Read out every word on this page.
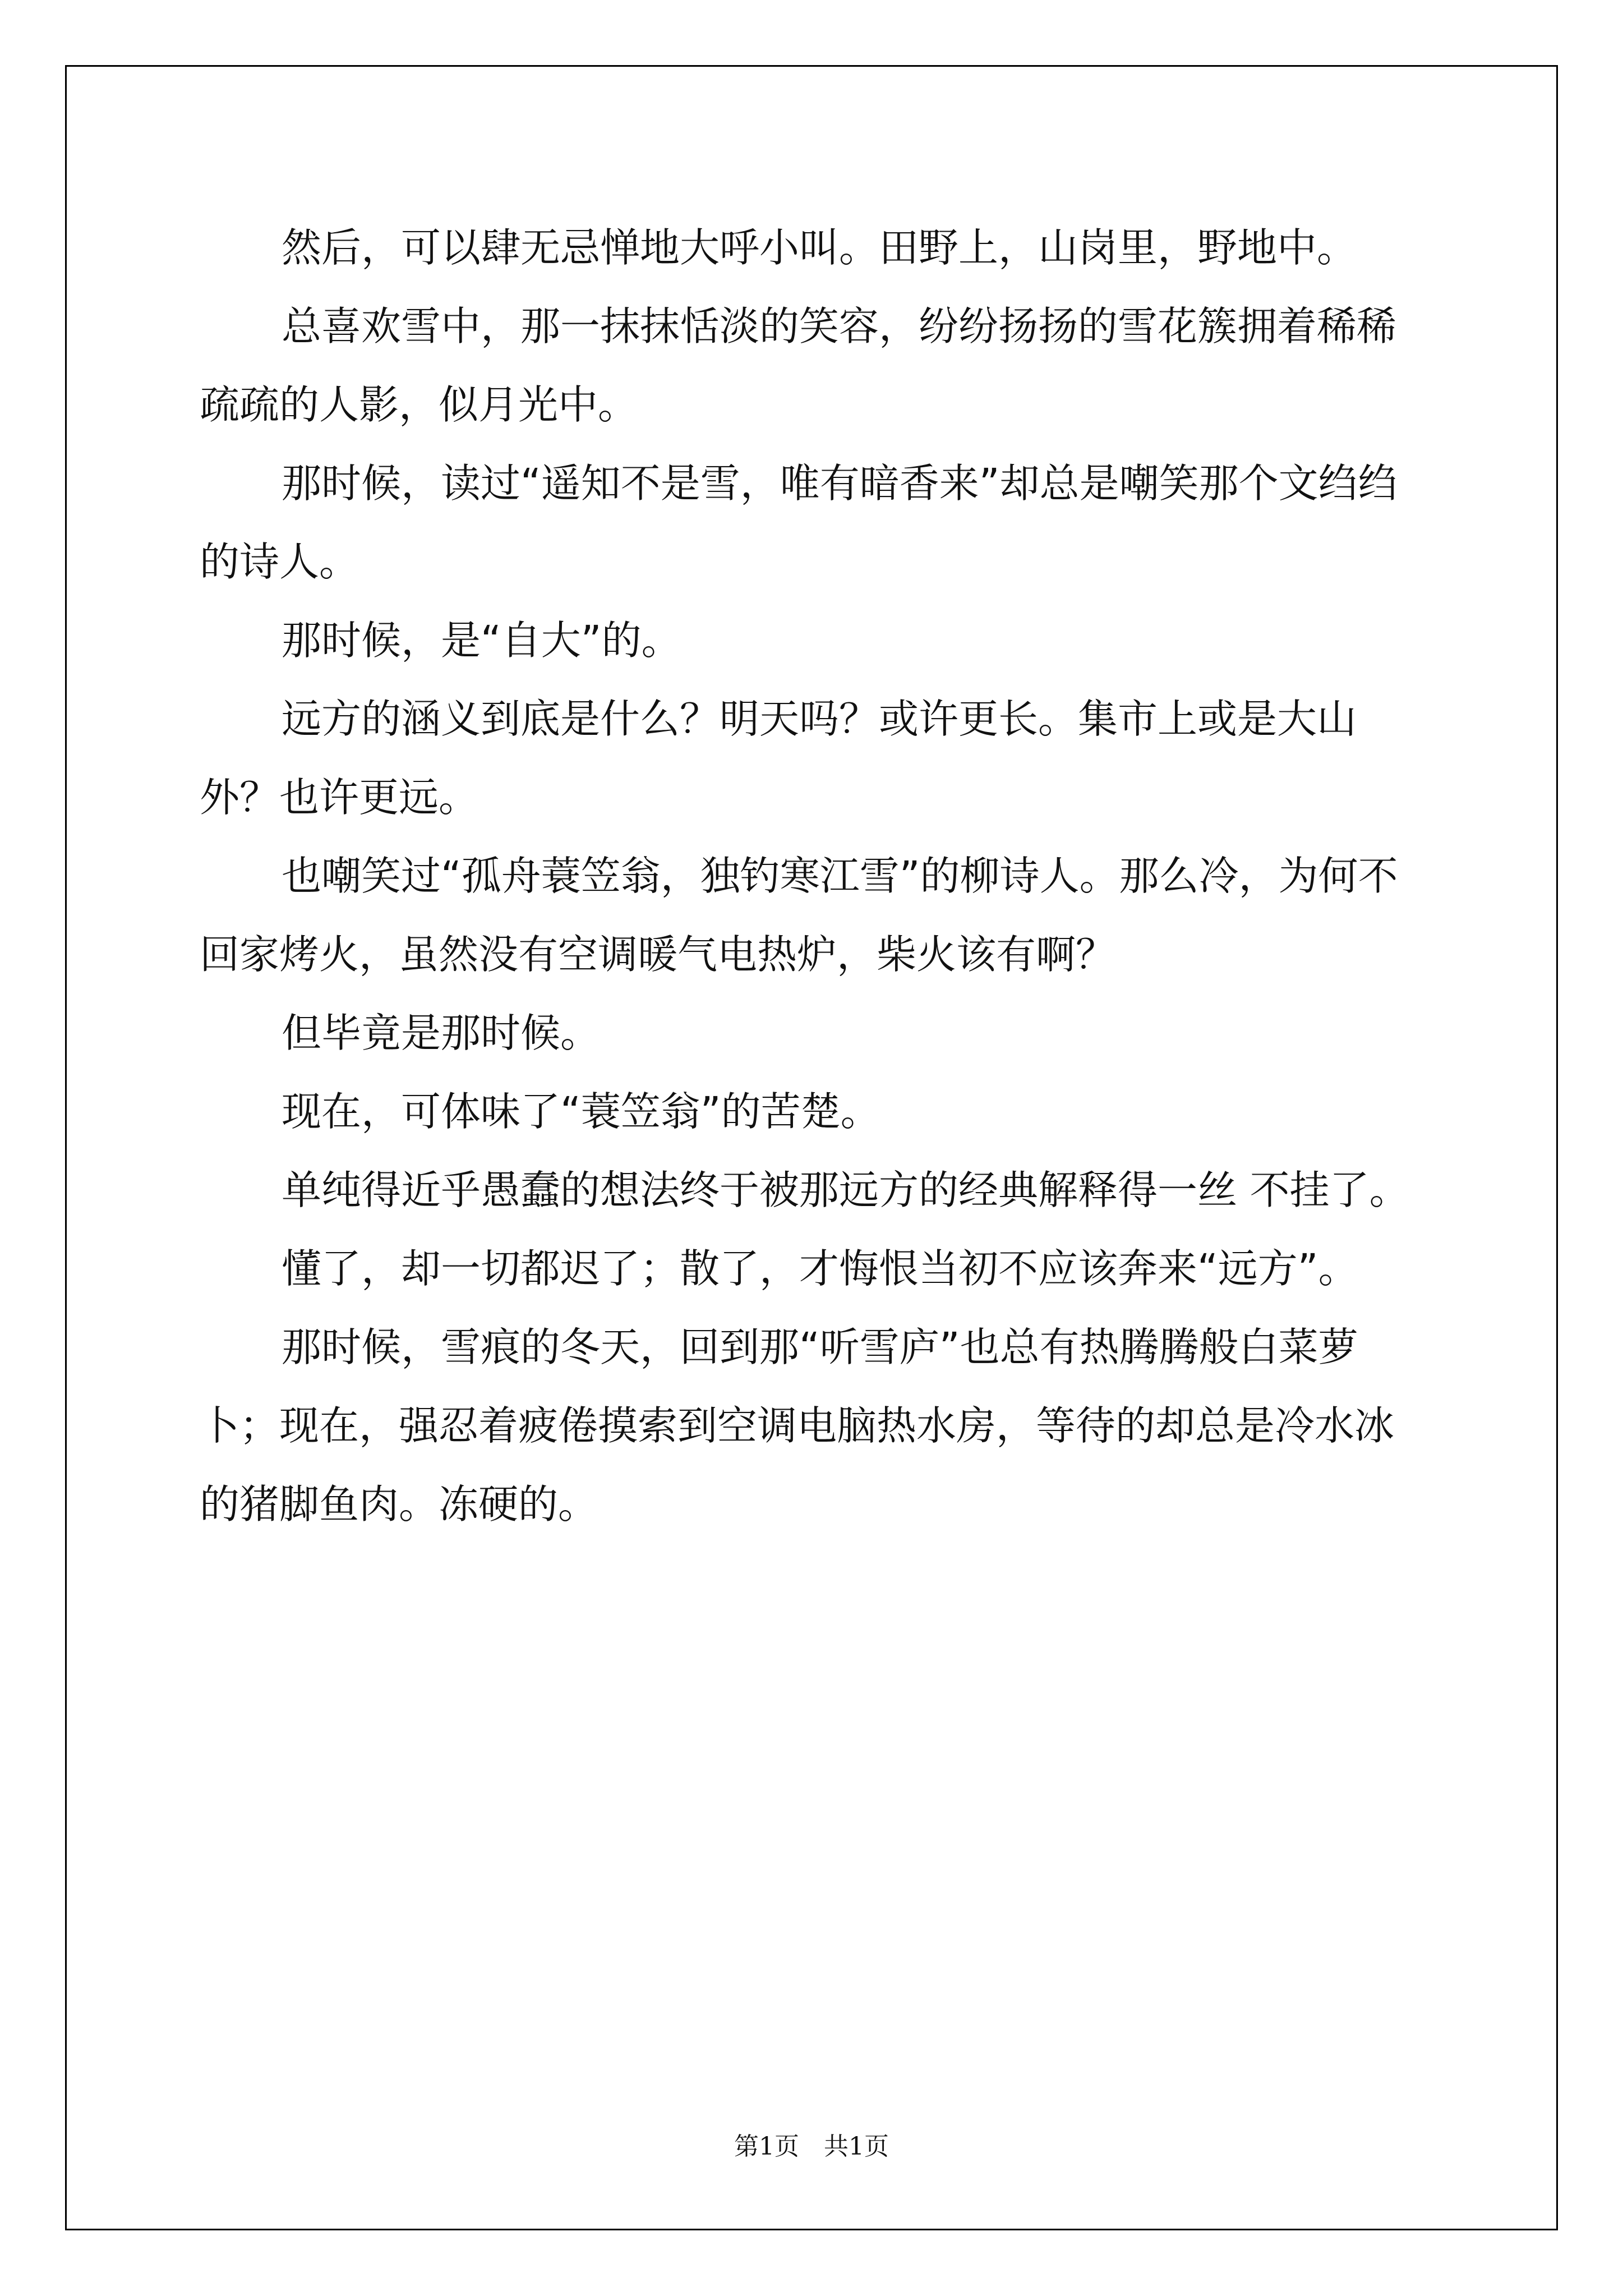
然后，可以肆无忌惮地大呼小叫。田野上，山岗里，野地中。

总喜欢雪中，那一抹抹恬淡的笑容，纷纷扬扬的雪花簇拥着稀稀疏疏的人影，似月光中。

那时候，读过“遥知不是雪，唯有暗香来”却总是嘲笑那个文绉绉的诗人。

那时候，是“自大”的。

远方的涵义到底是什么？明天吗？或许更长。集市上或是大山外？也许更远。

也嘲笑过“孤舟蓑笠翁，独钓寒江雪”的柳诗人。那么冷，为何不回家烤火，虽然没有空调暖气电热炉，柴火该有啊？

但毕竟是那时候。

现在，可体味了“蓑笠翁”的苦楚。

单纯得近乎愚蠢的想法终于被那远方的经典解释得一丝 不挂了。

懂了，却一切都迟了；散了，才悔恨当初不应该奔来“远方”。

那时候，雪痕的冬天，回到那“听雪庐”也总有热腾腾般白菜萝卜；现在，强忍着疲倦摸索到空调电脑热水房，等待的却总是冷水冰的猪脚鱼肉。冻硬的。

第1页　共1页
